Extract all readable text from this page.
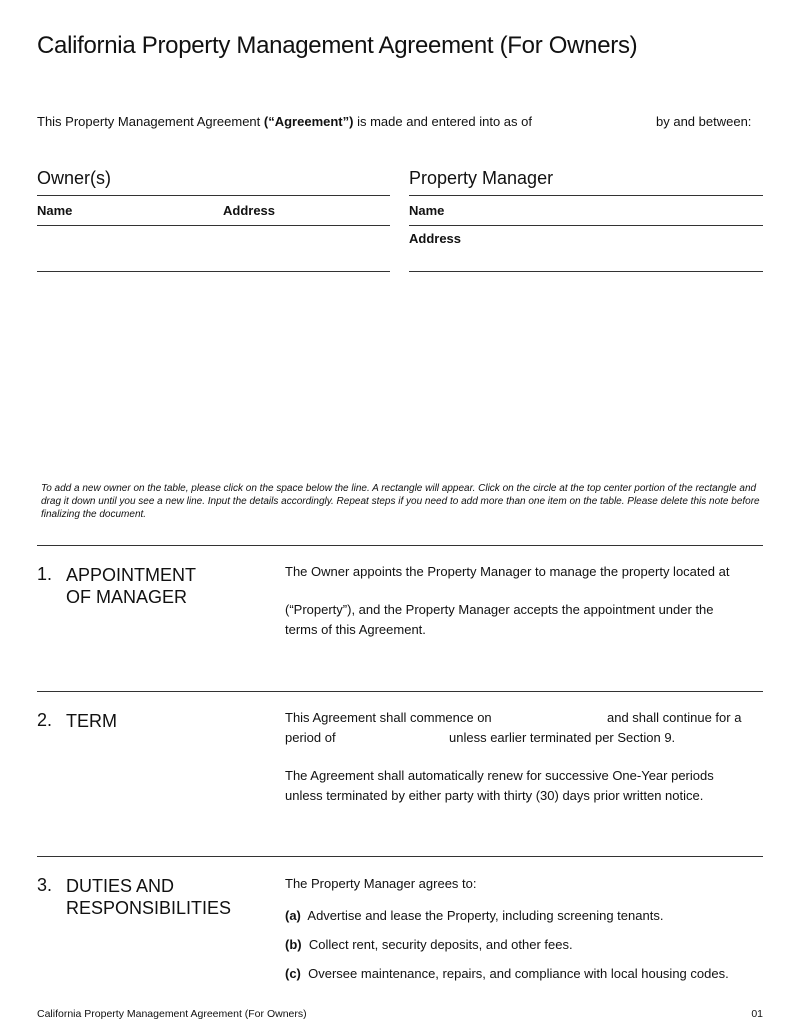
California Property Management Agreement (For Owners)
This Property Management Agreement (“Agreement”) is made and entered into as of	by and between:
Owner(s)	Property Manager
Name	Address	Name
Address
To add a new owner on the table, please click on the space below the line. A rectangle will appear. Click on the circle at the top center portion of the rectangle and drag it down until you see a new line. Input the details accordingly. Repeat steps if you need to add more than one item on the table. Please delete this note before finalizing the document.
1. APPOINTMENT
OF MANAGER
The Owner appoints the Property Manager to manage the property located at
(“Property”), and the Property Manager accepts the appointment under the terms of this Agreement.
2. TERM	This Agreement shall commence on	and shall continue for a
period of	unless earlier terminated per Section 9.
The Agreement shall automatically renew for successive One-Year periods unless terminated by either party with thirty (30) days prior written notice.
3. DUTIES AND
RESPONSIBILITIES
The Property Manager agrees to:
(a) Advertise and lease the Property, including screening tenants.
(b) Collect rent, security deposits, and other fees.
(c) Oversee maintenance, repairs, and compliance with local housing codes.
California Property Management Agreement (For Owners)	01
